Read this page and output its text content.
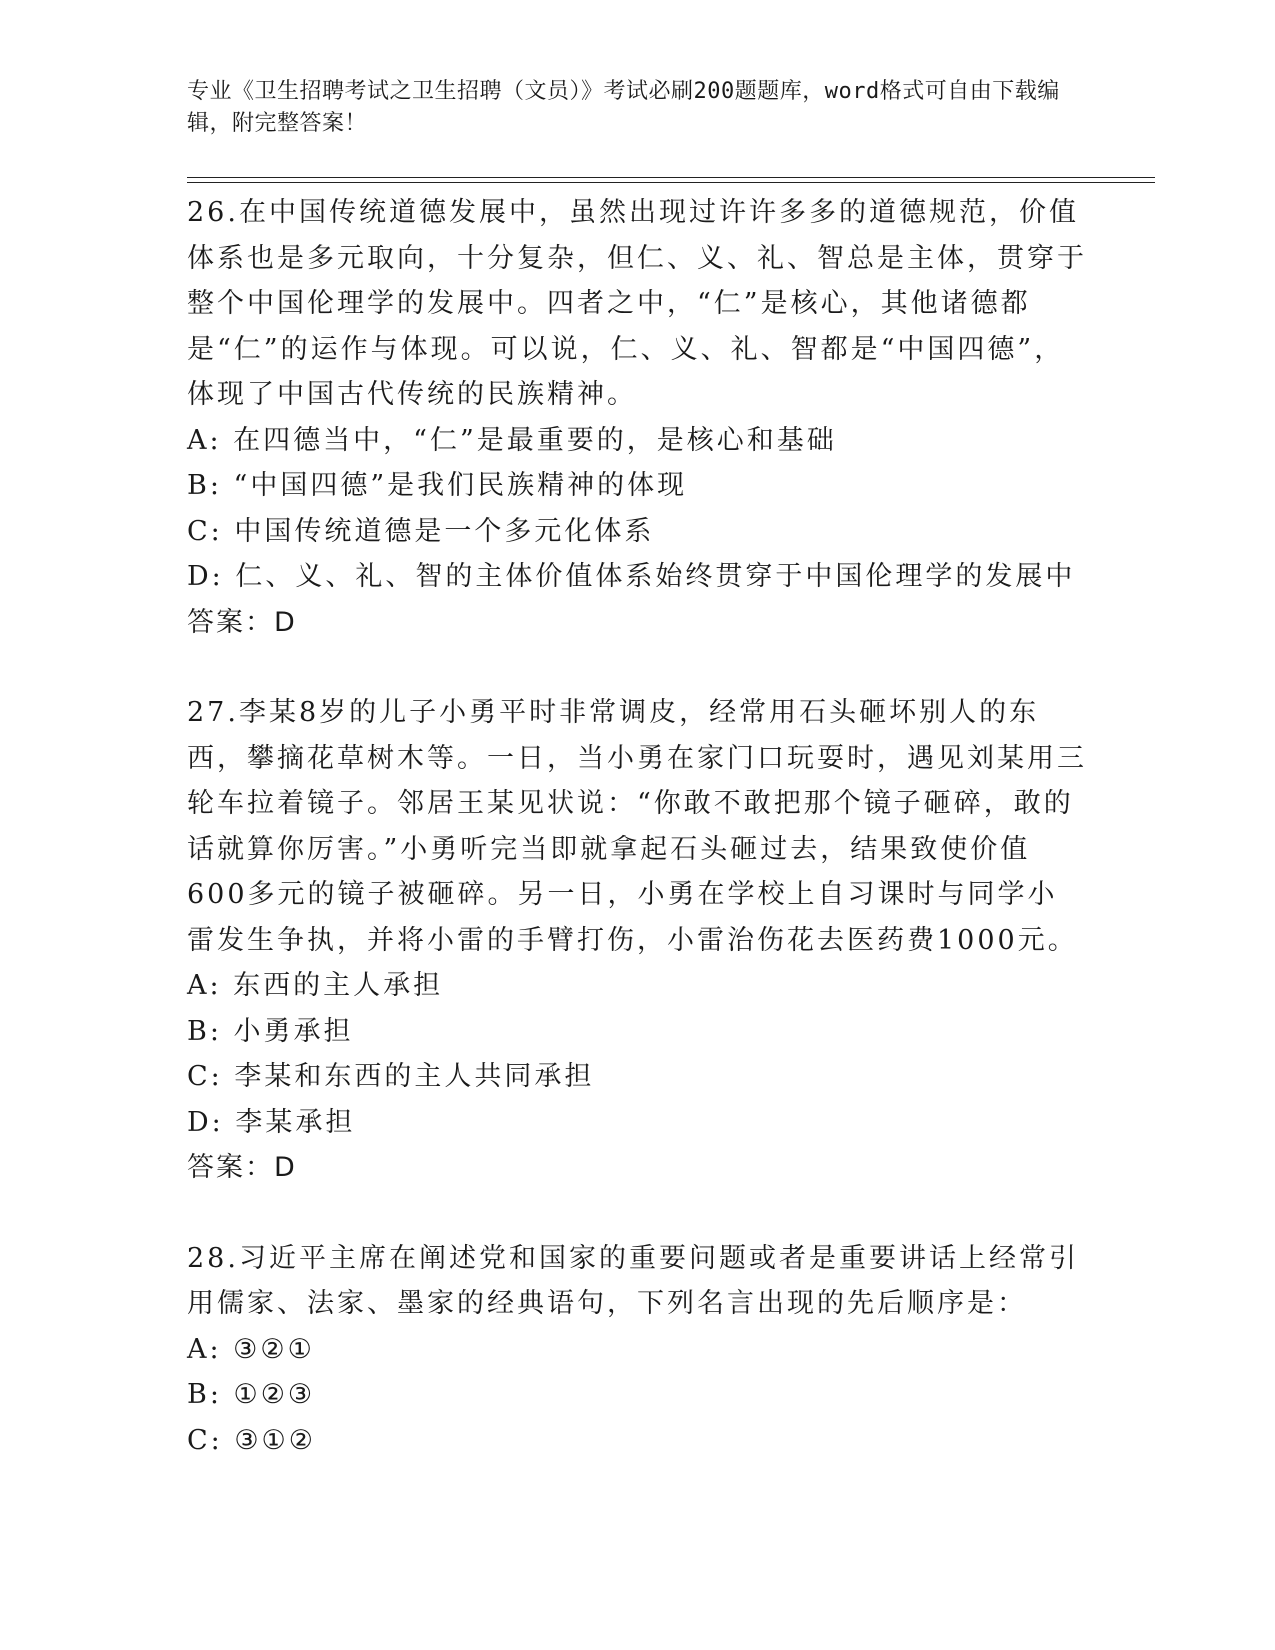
专业《卫生招聘考试之卫生招聘（文员）》考试必刷200题题库，word格式可自由下载编辑，附完整答案！

26.在中国传统道德发展中，虽然出现过许许多多的道德规范，价值体系也是多元取向，十分复杂，但仁、义、礼、智总是主体，贯穿于整个中国伦理学的发展中。四者之中，“仁”是核心，其他诸德都是“仁”的运作与体现。可以说，仁、义、礼、智都是“中国四德”，体现了中国古代传统的民族精神。

A: 在四德当中，“仁”是最重要的，是核心和基础

B: “中国四德”是我们民族精神的体现

C: 中国传统道德是一个多元化体系

D: 仁、义、礼、智的主体价值体系始终贯穿于中国伦理学的发展中

答案：D

27.李某8岁的儿子小勇平时非常调皮，经常用石头砸坏别人的东西，攀摘花草树木等。一日，当小勇在家门口玩耍时，遇见刘某用三轮车拉着镜子。邻居王某见状说：“你敢不敢把那个镜子砸碎，敢的话就算你厉害。”小勇听完当即就拿起石头砸过去，结果致使价值600多元的镜子被砸碎。另一日，小勇在学校上自习课时与同学小雷发生争执，并将小雷的手臂打伤，小雷治伤花去医药费1000元。

A: 东西的主人承担

B: 小勇承担

C: 李某和东西的主人共同承担

D: 李某承担

答案：D

28.习近平主席在阐述党和国家的重要问题或者是重要讲话上经常引用儒家、法家、墨家的经典语句，下列名言出现的先后顺序是：

A: ③②①

B: ①②③

C: ③①②
